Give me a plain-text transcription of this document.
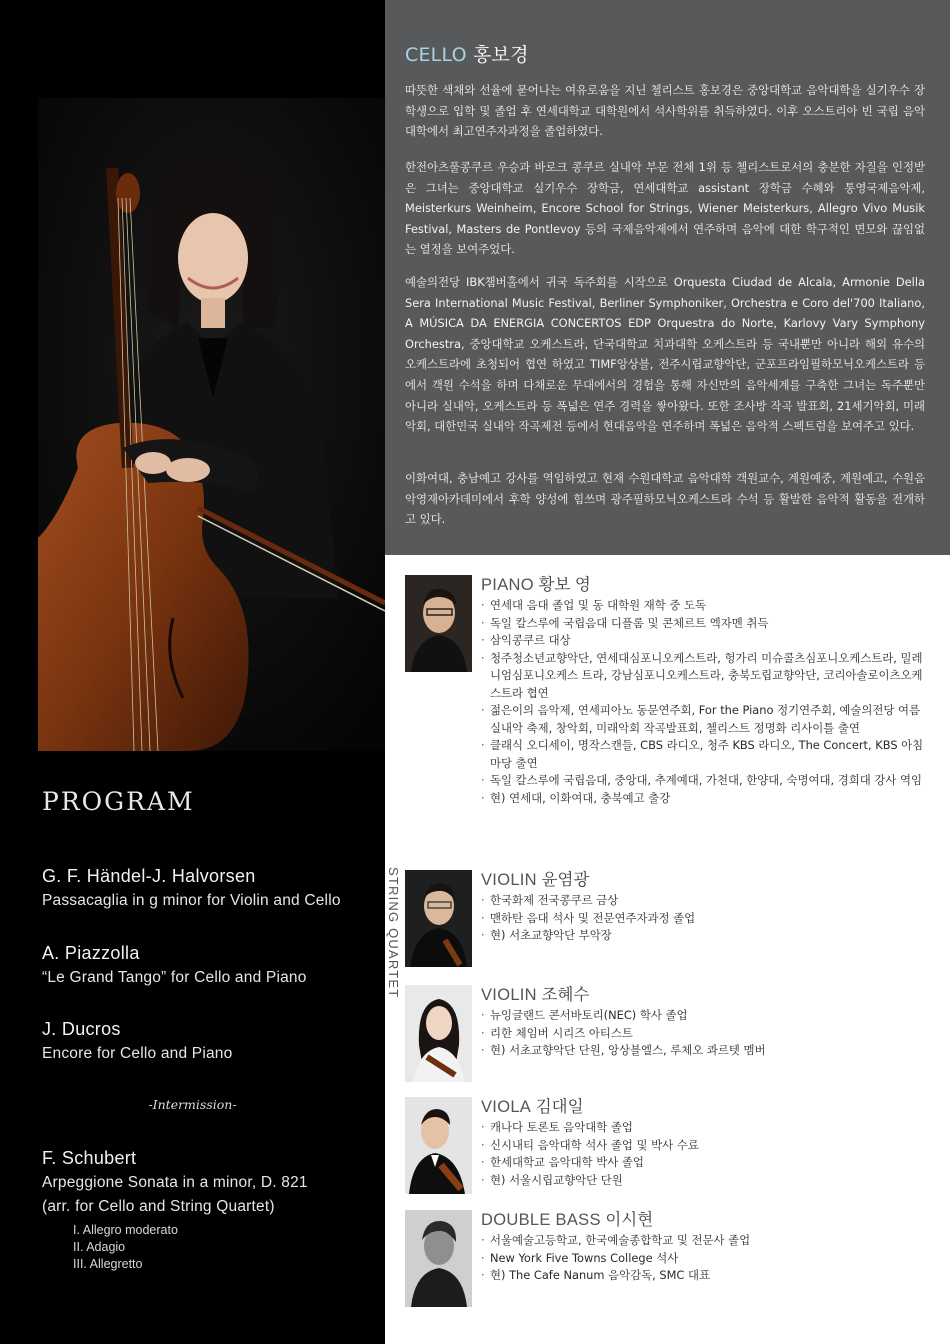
PROGRAM
G. F. Händel-J. Halvorsen
Passacaglia in g minor for Violin and Cello
A. Piazzolla
“Le Grand Tango” for Cello and Piano
J. Ducros
Encore for Cello and Piano
-Intermission-
F. Schubert
Arpeggione Sonata in a minor, D. 821
(arr. for Cello and String Quartet)
I. Allegro moderato
II. Adagio
III. Allegretto
CELLO 홍보경

따뜻한 색채와 선율에 묻어나는 여유로움을 지닌 첼리스트 홍보경은 중앙대학교 음악대학을 실기우수 장학생으로 입학 및 졸업 후 연세대학교 대학원에서 석사학위를 취득하였다. 이후 오스트리아 빈 국립 음악대학에서 최고연주자과정을 졸업하였다.

한전아츠풀콩쿠르 우승과 바로크 콩쿠르 실내악 부문 전체 1위 등 첼리스트로서의 충분한 자질을 인정받은 그녀는 중앙대학교 실기우수 장학금, 연세대학교 assistant 장학금 수혜와 통영국제음악제, Meisterkurs Weinheim, Encore School for Strings, Wiener Meisterkurs, Allegro Vivo Musik Festival, Masters de Pontlevoy 등의 국제음악제에서 연주하며 음악에 대한 학구적인 면모와 끊임없는 열정을 보여주었다.

예술의전당 IBK챔버홀에서 귀국 독주회를 시작으로 Orquesta Ciudad de Alcala, Armonie Della Sera International Music Festival, Berliner Symphoniker, Orchestra e Coro del'700 Italiano, A MÚSICA DA ENERGIA CONCERTOS EDP Orquestra do Norte, Karlovy Vary Symphony Orchestra, 중앙대학교 오케스트라, 단국대학교 치과대학 오케스트라 등 국내뿐만 아니라 해외 유수의 오케스트라에 초청되어 협연 하였고 TIMF앙상블, 전주시립교향악단, 군포프라임필하모닉오케스트라 등에서 객원 수석을 하며 다채로운 무대에서의 경험을 통해 자신만의 음악세계를 구축한 그녀는 독주뿐만 아니라 실내악, 오케스트라 등 폭넓은 연주 경력을 쌓아왔다. 또한 조사방 작곡 발표회, 21세기악회, 미래악회, 대한민국 실내악 작곡제전 등에서 현대음악을 연주하며 폭넓은 음악적 스펙트럼을 보여주고 있다.

이화여대, 충남예고 강사를 역임하였고 현재 수원대학교 음악대학 객원교수, 계원예중, 계원예고, 수원음악영재아카데미에서 후학 양성에 힘쓰며 광주필하모닉오케스트라 수석 등 활발한 음악적 활동을 전개하고 있다.

STRING QUARTET
PIANO 황보 영
· 연세대 음대 졸업 및 동 대학원 재학 중 도독
· 독일 칼스루에 국립음대 디플롬 및 콘체르트 엑자멘 취득
· 삼익콩쿠르 대상
· 청주청소년교향악단, 연세대심포니오케스트라, 헝가리 미슈콜츠심포니오케스트라, 밀레니엄심포니오케스 트라, 강남심포니오케스트라, 충북도립교향악단, 코리아솔로이츠오케스트라 협연
· 젊은이의 음악제, 연세피아노 동문연주회, For the Piano 정기연주회, 예술의전당 여름 실내악 축제, 창악회, 미래악회 작곡발표회, 첼리스트 정명화 리사이틀 출연
· 클래식 오디세이, 명작스캔들, CBS 라디오, 청주 KBS 라디오, The Concert, KBS 아침마당 출연
· 독일 칼스루에 국립음대, 중앙대, 추계예대, 가천대, 한양대, 숙명여대, 경희대 강사 역임
· 현) 연세대, 이화여대, 충북예고 출강
VIOLIN 윤염광
· 한국화제 전국콩쿠르 금상
· 맨하탄 음대 석사 및 전문연주자과정 졸업
· 현) 서초교향악단 부악장
VIOLIN 조혜수
· 뉴잉글랜드 콘서바토리(NEC) 학사 졸업
· 리한 체임버 시리즈 아티스트
· 현) 서초교향악단 단원, 앙상블엘스, 루체오 콰르텟 멤버
VIOLA 김대일
· 캐나다 토론토 음악대학 졸업
· 신시내티 음악대학 석사 졸업 및 박사 수료
· 한세대학교 음악대학 박사 졸업
· 현) 서울시립교향악단 단원
DOUBLE BASS 이시현
· 서울예술고등학교, 한국예술종합학교 및 전문사 졸업
· New York Five Towns College 석사
· 현) The Cafe Nanum 음악감독, SMC 대표
